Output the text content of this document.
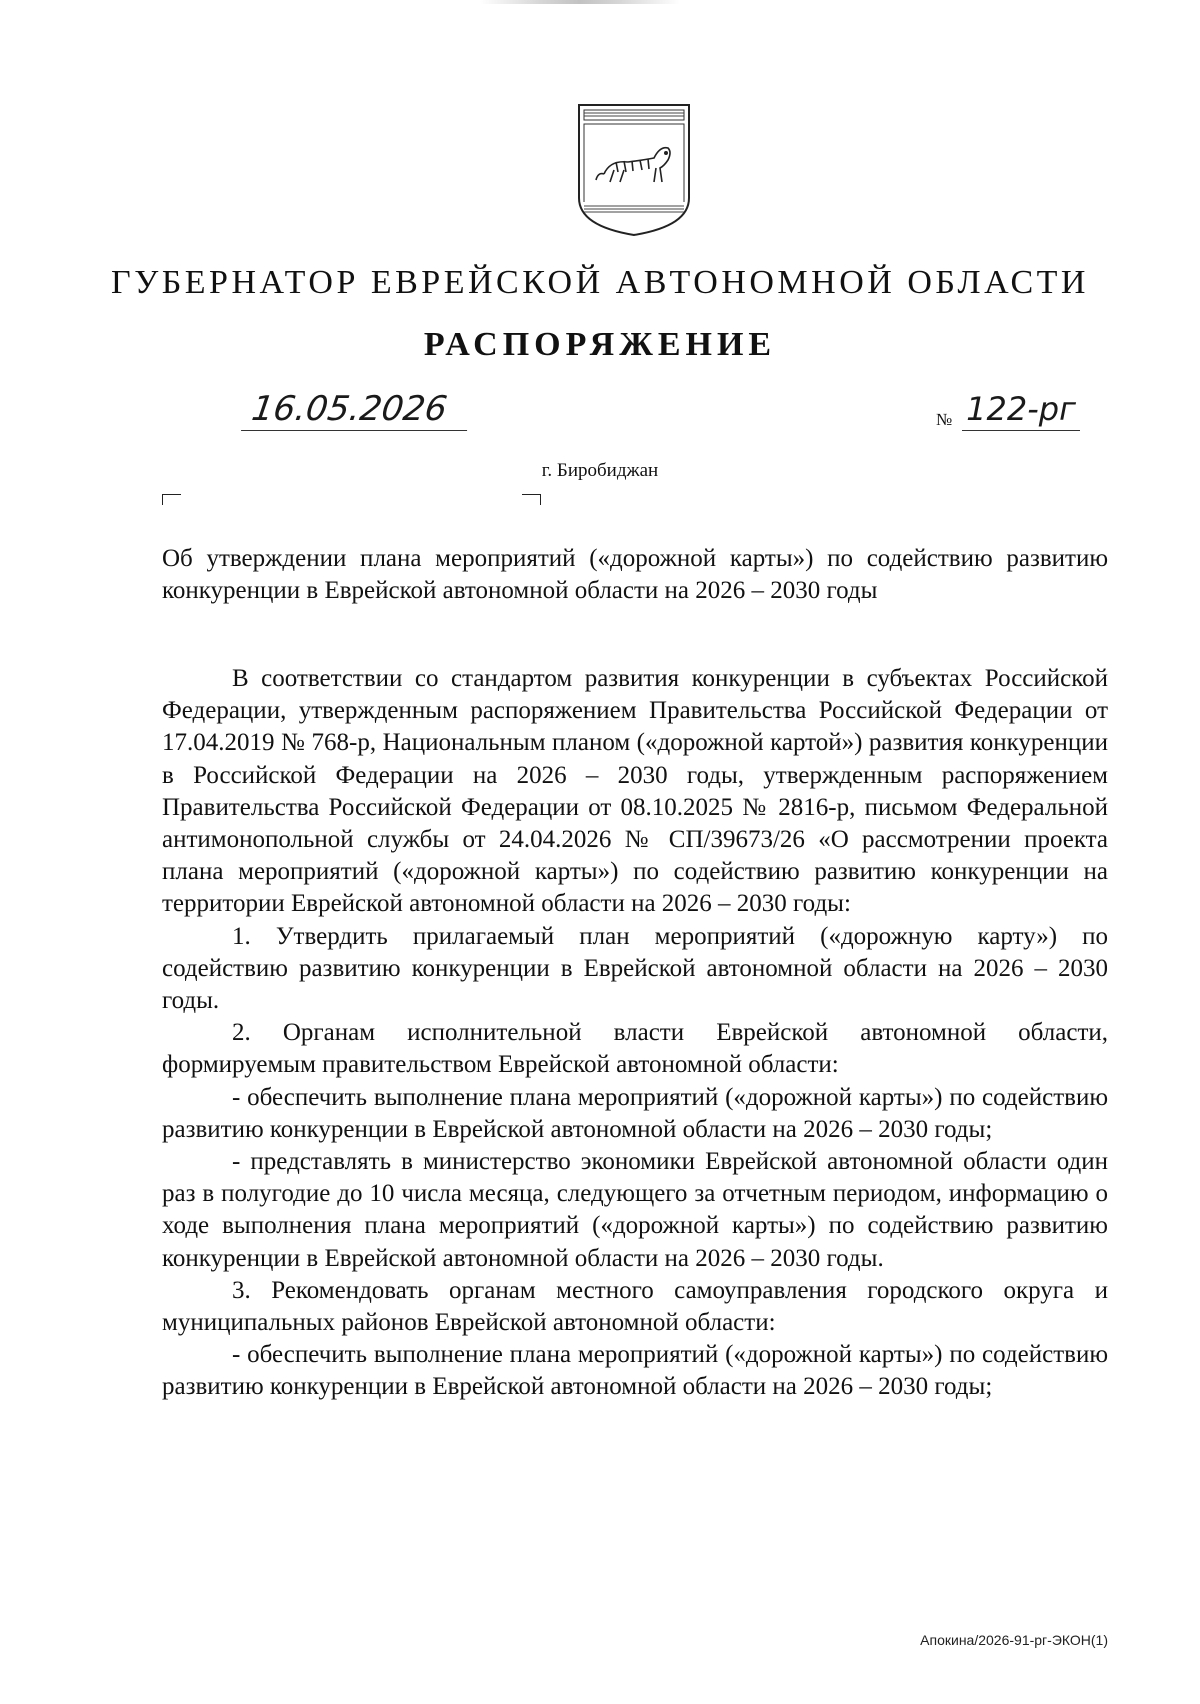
ГУБЕРНАТОР ЕВРЕЙСКОЙ АВТОНОМНОЙ ОБЛАСТИ
РАСПОРЯЖЕНИЕ
16.05.2026	№ 122-рг
г. Биробиджан
Об утверждении плана мероприятий («дорожной карты») по содействию развитию конкуренции в Еврейской автономной области на 2026 – 2030 годы

В соответствии со стандартом развития конкуренции в субъектах Российской Федерации, утвержденным распоряжением Правительства Российской Федерации от 17.04.2019 № 768-р, Национальным планом («дорожной картой») развития конкуренции в Российской Федерации на 2026 – 2030 годы, утвержденным распоряжением Правительства Российской Федерации от 08.10.2025 № 2816-р, письмом Федеральной антимонопольной службы от 24.04.2026 № СП/39673/26 «О рассмотрении проекта плана мероприятий («дорожной карты») по содействию развитию конкуренции на территории Еврейской автономной области на 2026 – 2030 годы:

1. Утвердить прилагаемый план мероприятий («дорожную карту») по содействию развитию конкуренции в Еврейской автономной области на 2026 – 2030 годы.

2. Органам исполнительной власти Еврейской автономной области, формируемым правительством Еврейской автономной области:

- обеспечить выполнение плана мероприятий («дорожной карты») по содействию развитию конкуренции в Еврейской автономной области на 2026 – 2030 годы;

- представлять в министерство экономики Еврейской автономной области один раз в полугодие до 10 числа месяца, следующего за отчетным периодом, информацию о ходе выполнения плана мероприятий («дорожной карты») по содействию развитию конкуренции в Еврейской автономной области на 2026 – 2030 годы.

3. Рекомендовать органам местного самоуправления городского округа и муниципальных районов Еврейской автономной области:

- обеспечить выполнение плана мероприятий («дорожной карты») по содействию развитию конкуренции в Еврейской автономной области на 2026 – 2030 годы;

Апокина/2026-91-рг-ЭКОН(1)
